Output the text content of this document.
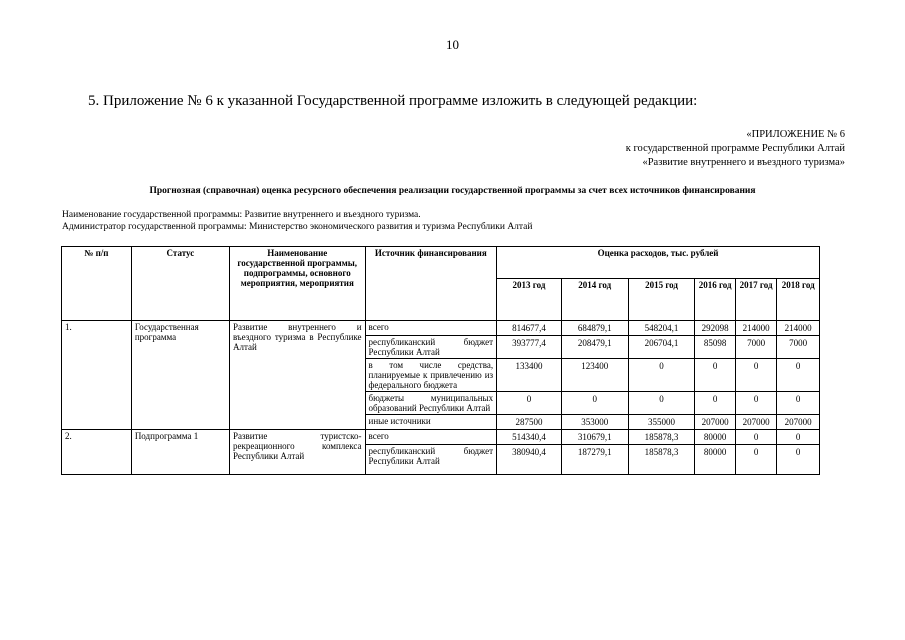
10
5. Приложение № 6 к указанной Государственной программе изложить в следующей редакции:
«ПРИЛОЖЕНИЕ № 6
к государственной программе Республики Алтай
«Развитие внутреннего и въездного туризма»
Прогнозная (справочная) оценка ресурсного обеспечения реализации государственной программы за счет всех источников финансирования
Наименование государственной программы: Развитие внутреннего и въездного туризма.
Администратор государственной программы: Министерство экономического развития и туризма Республики Алтай
№ п/п	Статус	Наименование государственной программы, подпрограммы, основного мероприятия, мероприятия	Источник финансирования	Оценка расходов, тыс. рублей					
				2013 год	2014 год	2015 год	2016 год	2017 год	2018 год
1.	Государственная программа	Развитие внутреннего и въездного туризма в Республике Алтай	всего	814677,4	684879,1	548204,1	292098	214000	214000
			республиканский бюджет Республики Алтай	393777,4	208479,1	206704,1	85098	7000	7000
			в том числе средства, планируемые к привлечению из федерального бюджета	133400	123400	0	0	0	0
			бюджеты муниципальных образований Республики Алтай	0	0	0	0	0	0
			иные источники	287500	353000	355000	207000	207000	207000
2.	Подпрограмма 1	Развитие туристско-рекреационного комплекса Республики Алтай	всего	514340,4	310679,1	185878,3	80000	0	0
			республиканский бюджет Республики Алтай	380940,4	187279,1	185878,3	80000	0	0
